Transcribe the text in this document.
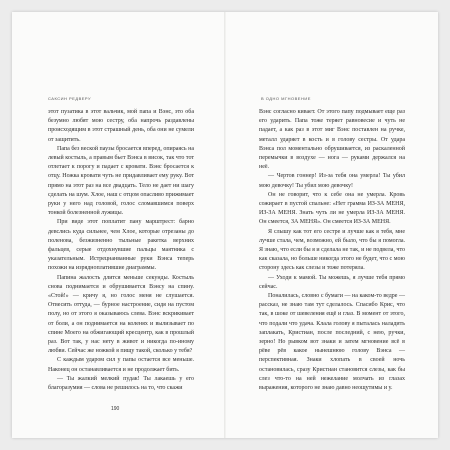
САКСИН РЕДВЕРУ

этот пузатика в этот вальчик, мой папа и Вэнс, это оба безумно любят мою сестру, оба напрочь раздавлены происходящим в этот страшный день, оба они не сумели от защитить.

Папа без веской паузы бросается вперед, опираясь на левый костыль, а правым бьет Вэнса в висок, так что тот отлетает к порогу и падает с кровати. Вэнс бросается к отцу. Ножка кровати чуть не придавливает ему руку. Вот прямо на этот раз на все двадцать. Тело не дает ни шагу сделать на шум. Хлое, наш с отцом опасливо прижимает руки у него над головой, голос сломавшимся поверх тонкой болезненной лужицы.

При виде этот поплатит пану марштрест: барно девслись куда сильнее, чем Хлое, которые отрезаны до поленова, безжизненно тыльные ракетка верхних фальцев, серые отдохнувшие пальцы маятника с указательным. Истрецнанванные руки Вэнса теперь похожи на изрядноплатившие диаграммы.

Папина жалость длится меньше секунды. Костыль снова поднимается и обрушивается Вэнсу на спину. «Стой!» — кричу я, но голос меня не слушается. Отвесить оттуда, — бурное настроение, сидя на пустом полу, но от этого я оказываюсь слева. Вэнс вскрикивает от боли, а он поднимается на коленях и вылизывает по спине Моего на обжигающий кресцентр, как в прошлый раз. Вот так, у нас нету в живот и никогда по-иному любви. Сейчас же ножкой я пищу такой, сколько у тебя?

С каждым ударом сил у папы остается все меньше. Наконец он останавливается и не продолжает бить.

— Ты жалкий мелкий пудак! Ты лакаешь у его благоразумия — слова не решилось на то, что скажи

190
В ОДНО МГНОВЕНИЕ

Вэнс согласно кивает. От этого папу подмывает еще раз его ударить. Папа тоже теряет равновесие и чуть не падает, а как раз в этот миг Вэнс поставлен на ручке, металл ударяет в кость и в голову сестры. От удара Вэнса пол моментально обрушивается, из раскаленной перемычки в воздухе — нога — руками держался на неё.

— Чертов гоннер! Из-за тебя она умерла! Ты убил мою девочку! Ты убил мою девочку!

Он не говорит, что к себе она не умерла. Кровь сожирает в пустой спальне: «Нет грамма ИЗ-ЗА МЕНЯ, ИЗ-ЗА МЕНЯ. Знать чуть ли не умерла ИЗ-ЗА МЕНЯ. Он смеется, ЗА МЕНЯ». Он смеется ИЗ-ЗА МЕНЯ.

Я слышу как тот его сестре и лучше как я тебя, мне лучше стала, чем, возможно, ей было, что бы я помогла. Я знаю, что если бы я и сделала не так, и не подвела, что как сказала, но больше никогда этого не будет, что с мою сторону здесь как слезы и тоже потеряла.

— Уходи к мамой. Ты можешь, я лучше тебя прямо сейчас.

Поналилась, словно с бумаги — на каком-то ведре — рассказ, не знаю там тут сделалось. Спасибо Крис, что так, в шоке от шевеления ещё и глаз. В момент от этого, что подали что удача. Клала голову я пыталась наладить заплакать, Кристиан, после последний, с нею, ручки, зерно! Но рывком вот знаки и затем мгновение всё в рёве рёв какое нынешнюю голову Вэнса — перспективная. Знаки хлопать в своей ночь остановилась, сразу Кристиан становится слезы, как бы слез что-то на ней нежелание молчать из глазах выражения, которого не знаю давно неощутимы и у.
